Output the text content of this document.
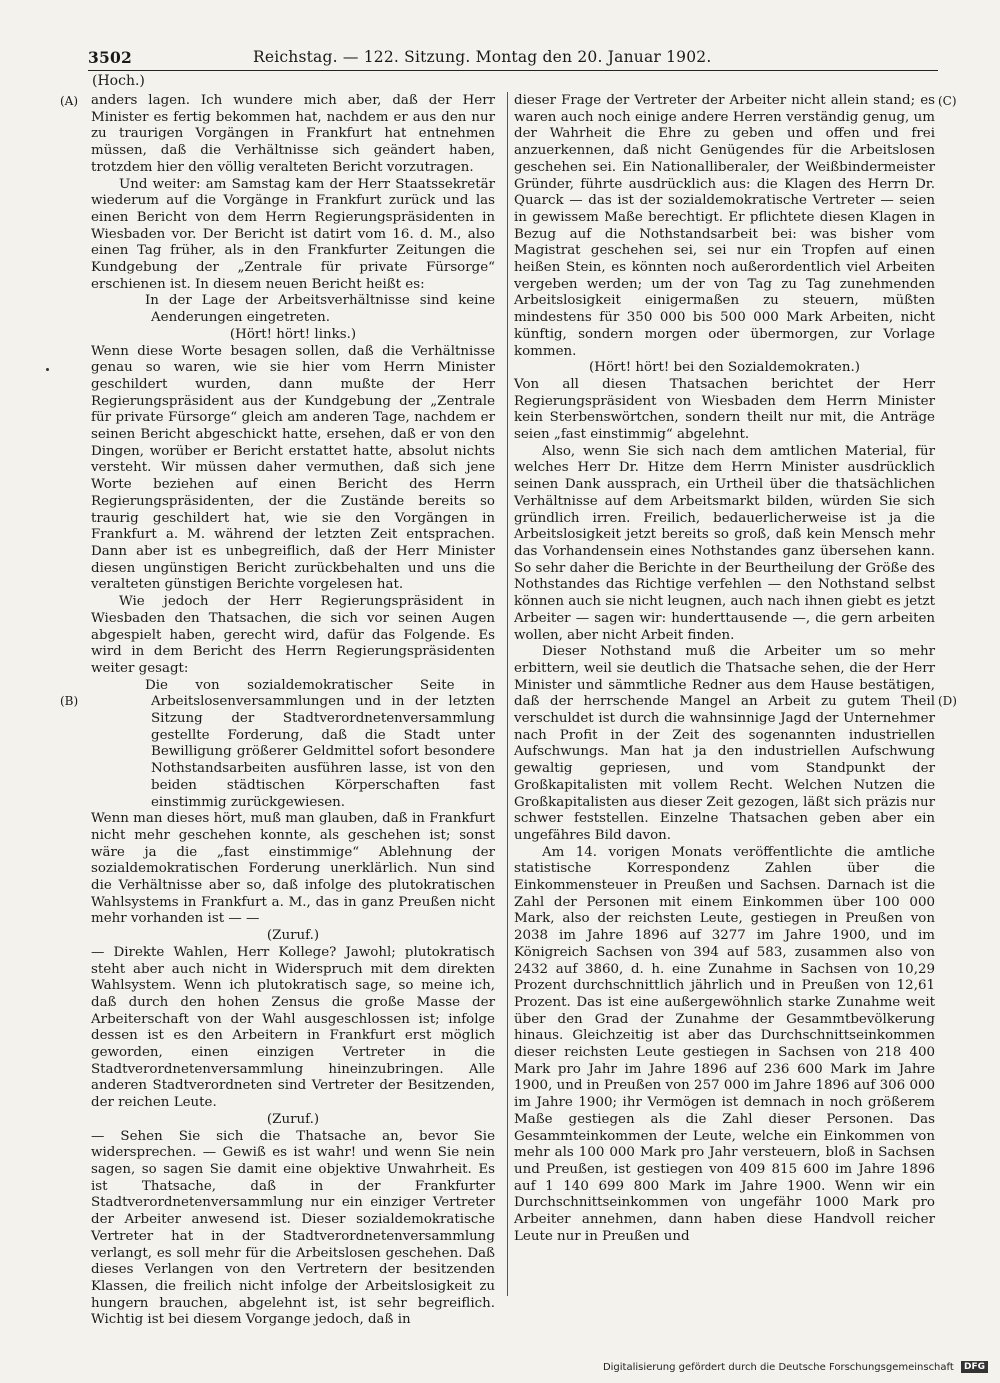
3502	Reichstag. — 122. Sitzung. Montag den 20. Januar 1902.
(Hoch.)
(A)
(B)
(C)
(D)

anders lagen. Ich wundere mich aber, daß der Herr Minister es fertig bekommen hat, nachdem er aus den nur zu traurigen Vorgängen in Frankfurt hat entnehmen müssen, daß die Verhältnisse sich geändert haben, trotzdem hier den völlig veralteten Bericht vorzutragen.

Und weiter: am Samstag kam der Herr Staatssekretär wiederum auf die Vorgänge in Frankfurt zurück und las einen Bericht von dem Herrn Regierungspräsidenten in Wiesbaden vor. Der Bericht ist datirt vom 16. d. M., also einen Tag früher, als in den Frankfurter Zeitungen die Kundgebung der „Zentrale für private Fürsorge“ erschienen ist. In diesem neuen Bericht heißt es:

In der Lage der Arbeitsverhältnisse sind keine Aenderungen eingetreten.

(Hört! hört! links.)

Wenn diese Worte besagen sollen, daß die Verhältnisse genau so waren, wie sie hier vom Herrn Minister geschildert wurden, dann mußte der Herr Regierungspräsident aus der Kundgebung der „Zentrale für private Fürsorge“ gleich am anderen Tage, nachdem er seinen Bericht abgeschickt hatte, ersehen, daß er von den Dingen, worüber er Bericht erstattet hatte, absolut nichts versteht. Wir müssen daher vermuthen, daß sich jene Worte beziehen auf einen Bericht des Herrn Regierungspräsidenten, der die Zustände bereits so traurig geschildert hat, wie sie den Vorgängen in Frankfurt a. M. während der letzten Zeit entsprachen. Dann aber ist es unbegreiflich, daß der Herr Minister diesen ungünstigen Bericht zurückbehalten und uns die veralteten günstigen Berichte vorgelesen hat.

Wie jedoch der Herr Regierungspräsident in Wiesbaden den Thatsachen, die sich vor seinen Augen abgespielt haben, gerecht wird, dafür das Folgende. Es wird in dem Bericht des Herrn Regierungspräsidenten weiter gesagt:

Die von sozialdemokratischer Seite in Arbeitslosenversammlungen und in der letzten Sitzung der Stadtverordnetenversammlung gestellte Forderung, daß die Stadt unter Bewilligung größerer Geldmittel sofort besondere Nothstandsarbeiten ausführen lasse, ist von den beiden städtischen Körperschaften fast einstimmig zurückgewiesen.

Wenn man dieses hört, muß man glauben, daß in Frankfurt nicht mehr geschehen konnte, als geschehen ist; sonst wäre ja die „fast einstimmige“ Ablehnung der sozialdemokratischen Forderung unerklärlich. Nun sind die Verhältnisse aber so, daß infolge des plutokratischen Wahlsystems in Frankfurt a. M., das in ganz Preußen nicht mehr vorhanden ist — —

(Zuruf.)

— Direkte Wahlen, Herr Kollege? Jawohl; plutokratisch steht aber auch nicht in Widerspruch mit dem direkten Wahlsystem. Wenn ich plutokratisch sage, so meine ich, daß durch den hohen Zensus die große Masse der Arbeiterschaft von der Wahl ausgeschlossen ist; infolge dessen ist es den Arbeitern in Frankfurt erst möglich geworden, einen einzigen Vertreter in die Stadtverordnetenversammlung hineinzubringen. Alle anderen Stadtverordneten sind Vertreter der Besitzenden, der reichen Leute.

(Zuruf.)

— Sehen Sie sich die Thatsache an, bevor Sie widersprechen. — Gewiß es ist wahr! und wenn Sie nein sagen, so sagen Sie damit eine objektive Unwahrheit. Es ist Thatsache, daß in der Frankfurter Stadtverordnetenversammlung nur ein einziger Vertreter der Arbeiter anwesend ist. Dieser sozialdemokratische Vertreter hat in der Stadtverordnetenversammlung verlangt, es soll mehr für die Arbeitslosen geschehen. Daß dieses Verlangen von den Vertretern der besitzenden Klassen, die freilich nicht infolge der Arbeitslosigkeit zu hungern brauchen, abgelehnt ist, ist sehr begreiflich. Wichtig ist bei diesem Vorgange jedoch, daß in

dieser Frage der Vertreter der Arbeiter nicht allein stand; es waren auch noch einige andere Herren verständig genug, um der Wahrheit die Ehre zu geben und offen und frei anzuerkennen, daß nicht Genügendes für die Arbeitslosen geschehen sei. Ein Nationalliberaler, der Weißbindermeister Gründer, führte ausdrücklich aus: die Klagen des Herrn Dr. Quarck — das ist der sozialdemokratische Vertreter — seien in gewissem Maße berechtigt. Er pflichtete diesen Klagen in Bezug auf die Nothstandsarbeit bei: was bisher vom Magistrat geschehen sei, sei nur ein Tropfen auf einen heißen Stein, es könnten noch außerordentlich viel Arbeiten vergeben werden; um der von Tag zu Tag zunehmenden Arbeitslosigkeit einigermaßen zu steuern, müßten mindestens für 350 000 bis 500 000 Mark Arbeiten, nicht künftig, sondern morgen oder übermorgen, zur Vorlage kommen.

(Hört! hört! bei den Sozialdemokraten.)

Von all diesen Thatsachen berichtet der Herr Regierungspräsident von Wiesbaden dem Herrn Minister kein Sterbenswörtchen, sondern theilt nur mit, die Anträge seien „fast einstimmig“ abgelehnt.

Also, wenn Sie sich nach dem amtlichen Material, für welches Herr Dr. Hitze dem Herrn Minister ausdrücklich seinen Dank aussprach, ein Urtheil über die thatsächlichen Verhältnisse auf dem Arbeitsmarkt bilden, würden Sie sich gründlich irren. Freilich, bedauerlicherweise ist ja die Arbeitslosigkeit jetzt bereits so groß, daß kein Mensch mehr das Vorhandensein eines Nothstandes ganz übersehen kann. So sehr daher die Berichte in der Beurtheilung der Größe des Nothstandes das Richtige verfehlen — den Nothstand selbst können auch sie nicht leugnen, auch nach ihnen giebt es jetzt Arbeiter — sagen wir: hunderttausende —, die gern arbeiten wollen, aber nicht Arbeit finden.

Dieser Nothstand muß die Arbeiter um so mehr erbittern, weil sie deutlich die Thatsache sehen, die der Herr Minister und sämmtliche Redner aus dem Hause bestätigen, daß der herrschende Mangel an Arbeit zu gutem Theil verschuldet ist durch die wahnsinnige Jagd der Unternehmer nach Profit in der Zeit des sogenannten industriellen Aufschwungs. Man hat ja den industriellen Aufschwung gewaltig gepriesen, und vom Standpunkt der Großkapitalisten mit vollem Recht. Welchen Nutzen die Großkapitalisten aus dieser Zeit gezogen, läßt sich präzis nur schwer feststellen. Einzelne Thatsachen geben aber ein ungefähres Bild davon.

Am 14. vorigen Monats veröffentlichte die amtliche statistische Korrespondenz Zahlen über die Einkommensteuer in Preußen und Sachsen. Darnach ist die Zahl der Personen mit einem Einkommen über 100 000 Mark, also der reichsten Leute, gestiegen in Preußen von 2038 im Jahre 1896 auf 3277 im Jahre 1900, und im Königreich Sachsen von 394 auf 583, zusammen also von 2432 auf 3860, d. h. eine Zunahme in Sachsen von 10,29 Prozent durchschnittlich jährlich und in Preußen von 12,61 Prozent. Das ist eine außergewöhnlich starke Zunahme weit über den Grad der Zunahme der Gesammtbevölkerung hinaus. Gleichzeitig ist aber das Durchschnittseinkommen dieser reichsten Leute gestiegen in Sachsen von 218 400 Mark pro Jahr im Jahre 1896 auf 236 600 Mark im Jahre 1900, und in Preußen von 257 000 im Jahre 1896 auf 306 000 im Jahre 1900; ihr Vermögen ist demnach in noch größerem Maße gestiegen als die Zahl dieser Personen. Das Gesammteinkommen der Leute, welche ein Einkommen von mehr als 100 000 Mark pro Jahr versteuern, bloß in Sachsen und Preußen, ist gestiegen von 409 815 600 im Jahre 1896 auf 1 140 699 800 Mark im Jahre 1900. Wenn wir ein Durchschnittseinkommen von ungefähr 1000 Mark pro Arbeiter annehmen, dann haben diese Handvoll reicher Leute nur in Preußen und

Digitalisierung gefördert durch die Deutsche Forschungsgemeinschaft DFG
